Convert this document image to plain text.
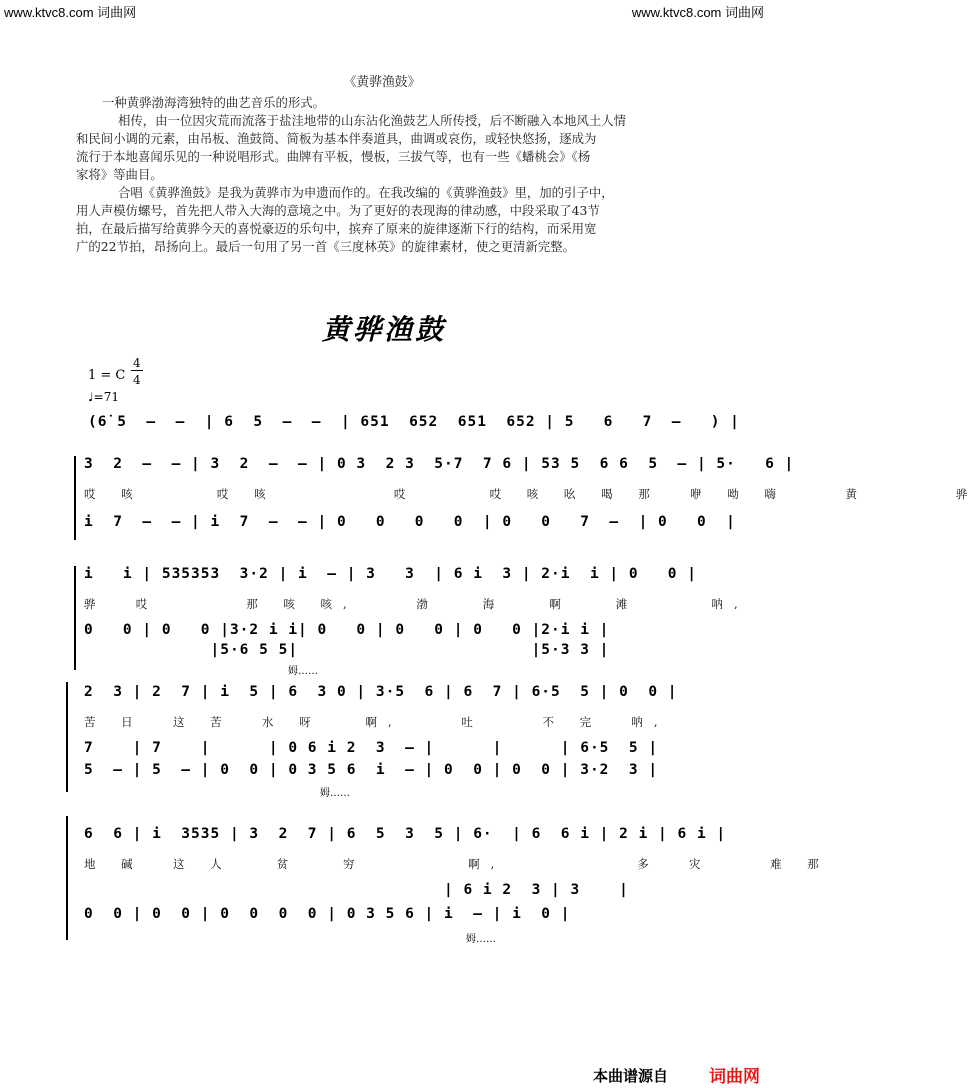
www.ktvc8.com 词曲网	www.ktvc8.com 词曲网
《黄骅渔鼓》

一种黄骅渤海湾独特的曲艺音乐的形式。

相传，由一位因灾荒而流落于盐洼地带的山东沾化渔鼓艺人所传授，后不断融入本地风土人情

和民间小调的元素，由吊板、渔鼓筒、简板为基本伴奏道具，曲调或哀伤，或轻快悠扬，逐成为

流行于本地喜闻乐见的一种说唱形式。曲牌有平板，慢板，三拔气等，也有一些《蟠桃会》《杨

家将》等曲目。

合唱《黄骅渔鼓》是我为黄骅市为申遗而作的。在我改编的《黄骅渔鼓》里，加的引子中，

用人声模仿螺号，首先把人带入大海的意境之中。为了更好的表现海的律动感，中段采取了43节

拍，在最后描写给黄骅今天的喜悦豪迈的乐句中，摈弃了原来的旋律逐渐下行的结构，而采用宽

广的22节拍，昂扬向上。最后一句用了另一首《三度林英》的旋律素材，使之更清新完整。

黄骅渔鼓
1 = C
4
4
♩=71
(6̇ 5  –  –  | 6  5  –  –  | 651  652  651  652 | 5   6   7  –   ) |
3  2  –  – | 3  2  –  – | 0 3  2 3  5·7  7 6 | 53 5  6 6  5  – | 5·   6 |
哎 咳     哎 咳        哎     哎 咳 吆 喝 那  咿 呦 嗨    黄      骅
i  7  –  – | i  7  –  – | 0   0   0   0  | 0   0   7  –  | 0   0  |
i   i | 535353  3·2 | i  – | 3   3  | 6 i  3 | 2·i  i | 0   0 |
骅  哎      那 咳 咳,    渤   海   啊   滩     呐,
0   0 | 0   0 |3·2 i i| 0   0 | 0   0 | 0   0 |2·i i |
|5·6 5 5|                        |5·3 3 |
姆……
2  3 | 2  7 | i  5 | 6  3 0 | 3·5  6 | 6  7 | 6·5  5 | 0  0 |
苦 日  这 苦  水 呀   啊,    吐    不 完  呐,
7    | 7    |      | 0 6 i 2  3  – |      |      | 6·5  5 |
5  – | 5  – | 0  0 | 0 3 5 6  i  – | 0  0 | 0  0 | 3·2  3 |
姆……
6  6 | i  3535 | 3  2  7 | 6  5  3  5 | 6·  | 6  6 i | 2 i | 6 i |
地 碱  这 人   贫   穷       啊,         多  灾    难 那
| 6 i 2  3 | 3    |
0  0 | 0  0 | 0  0  0  0 | 0 3 5 6 | i  – | i  0 |
姆……
本曲谱源自 词曲网
